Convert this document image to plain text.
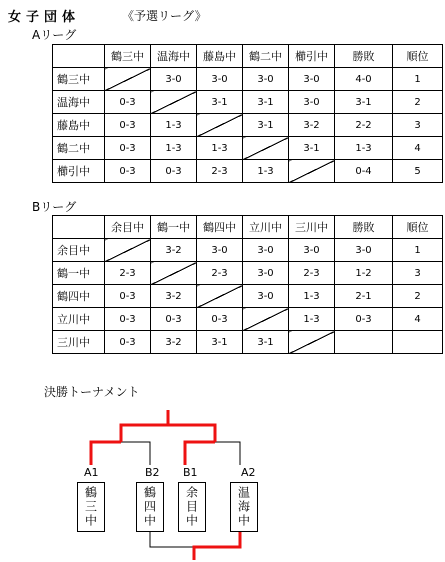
女子団体	《予選リーグ》
Aリーグ
	鶴三中	温海中	藤島中	鶴二中	櫛引中	勝敗	順位
鶴三中		3-0	3-0	3-0	3-0	4-0	1
温海中	0-3		3-1	3-1	3-0	3-1	2
藤島中	0-3	1-3		3-1	3-2	2-2	3
鶴二中	0-3	1-3	1-3		3-1	1-3	4
櫛引中	0-3	0-3	2-3	1-3		0-4	5
Bリーグ
	余目中	鶴一中	鶴四中	立川中	三川中	勝敗	順位
余目中		3-2	3-0	3-0	3-0	3-0	1
鶴一中	2-3		2-3	3-0	2-3	1-2	3
鶴四中	0-3	3-2		3-0	1-3	2-1	2
立川中	0-3	0-3	0-3		1-3	0-3	4
三川中	0-3	3-2	3-1	3-1			
決勝トーナメント
A1	B2 B1	A2
鶴三中	鶴四中	余目中	温海中
